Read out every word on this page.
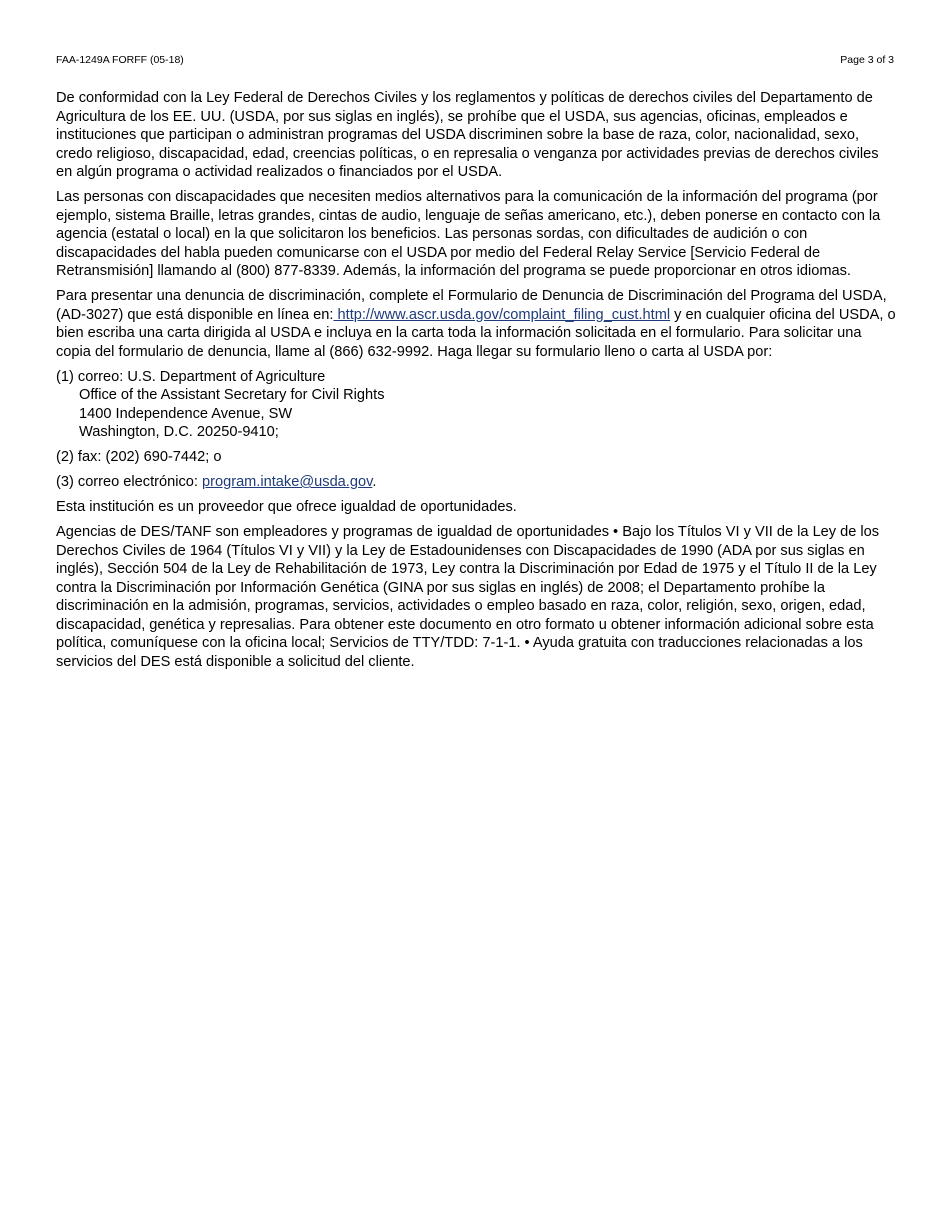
FAA-1249A FORFF (05-18)	Page 3 of 3

De conformidad con la Ley Federal de Derechos Civiles y los reglamentos y políticas de derechos civiles del Departamento de Agricultura de los EE. UU. (USDA, por sus siglas en inglés), se prohíbe que el USDA, sus agencias, oficinas, empleados e instituciones que participan o administran programas del USDA discriminen sobre la base de raza, color, nacionalidad, sexo, credo religioso, discapacidad, edad, creencias políticas, o en represalia o venganza por actividades previas de derechos civiles en algún programa o actividad realizados o financiados por el USDA.

Las personas con discapacidades que necesiten medios alternativos para la comunicación de la información del programa (por ejemplo, sistema Braille, letras grandes, cintas de audio, lenguaje de señas americano, etc.), deben ponerse en contacto con la agencia (estatal o local) en la que solicitaron los beneficios. Las personas sordas, con dificultades de audición o con discapacidades del habla pueden comunicarse con el USDA por medio del Federal Relay Service [Servicio Federal de Retransmisión] llamando al (800) 877-8339. Además, la información del programa se puede proporcionar en otros idiomas.

Para presentar una denuncia de discriminación, complete el Formulario de Denuncia de Discriminación del Programa del USDA, (AD-3027) que está disponible en línea en: http://www.ascr.usda.gov/complaint_filing_cust.html y en cualquier oficina del USDA, o bien escriba una carta dirigida al USDA e incluya en la carta toda la información solicitada en el formulario. Para solicitar una copia del formulario de denuncia, llame al (866) 632-9992. Haga llegar su formulario lleno o carta al USDA por:

(1) correo: U.S. Department of Agriculture
Office of the Assistant Secretary for Civil Rights
1400 Independence Avenue, SW
Washington, D.C. 20250-9410;

(2) fax: (202) 690-7442; o

(3) correo electrónico: program.intake@usda.gov.

Esta institución es un proveedor que ofrece igualdad de oportunidades.

Agencias de DES/TANF son empleadores y programas de igualdad de oportunidades • Bajo los Títulos VI y VII de la Ley de los Derechos Civiles de 1964 (Títulos VI y VII) y la Ley de Estadounidenses con Discapacidades de 1990 (ADA por sus siglas en inglés), Sección 504 de la Ley de Rehabilitación de 1973, Ley contra la Discriminación por Edad de 1975 y el Título II de la Ley contra la Discriminación por Información Genética (GINA por sus siglas en inglés) de 2008; el Departamento prohíbe la discriminación en la admisión, programas, servicios, actividades o empleo basado en raza, color, religión, sexo, origen, edad, discapacidad, genética y represalias. Para obtener este documento en otro formato u obtener información adicional sobre esta política, comuníquese con la oficina local; Servicios de TTY/TDD: 7-1-1. • Ayuda gratuita con traducciones relacionadas a los servicios del DES está disponible a solicitud del cliente.
